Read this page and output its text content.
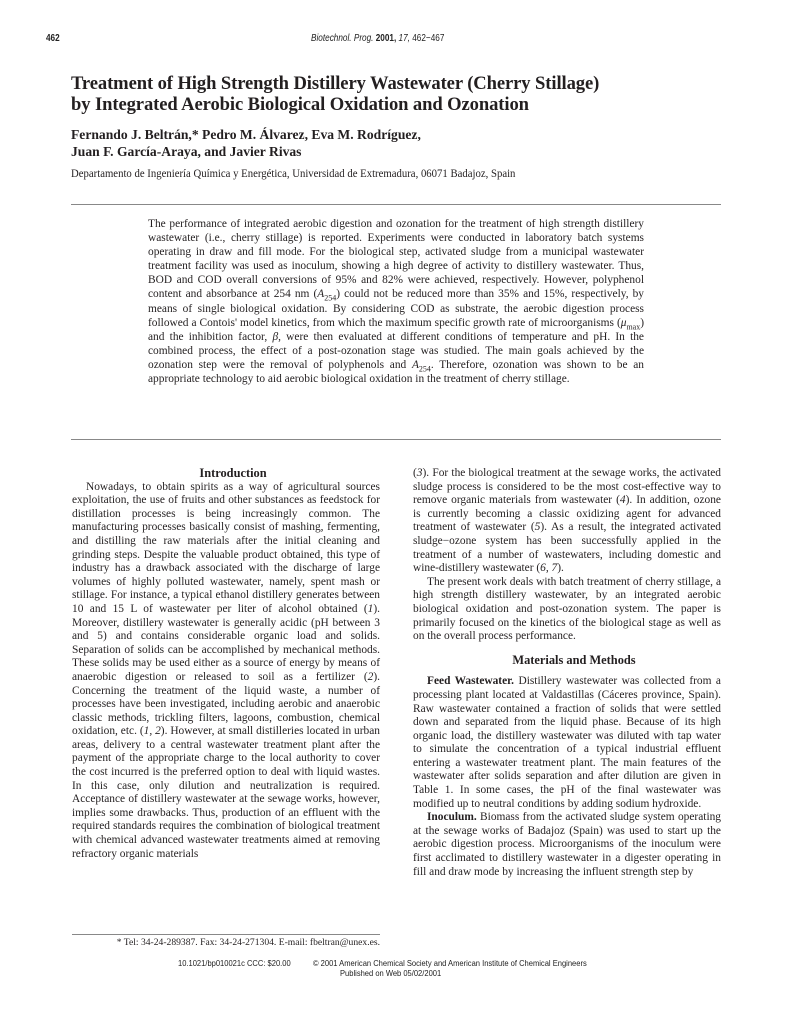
462	Biotechnol. Prog. 2001, 17, 462−467
Treatment of High Strength Distillery Wastewater (Cherry Stillage)
by Integrated Aerobic Biological Oxidation and Ozonation
Fernando J. Beltrán,* Pedro M. Álvarez, Eva M. Rodríguez,
Juan F. García-Araya, and Javier Rivas
Departamento de Ingeniería Química y Energética, Universidad de Extremadura, 06071 Badajoz, Spain
The performance of integrated aerobic digestion and ozonation for the treatment of high strength distillery wastewater (i.e., cherry stillage) is reported. Experiments were conducted in laboratory batch systems operating in draw and fill mode. For the biological step, activated sludge from a municipal wastewater treatment facility was used as inoculum, showing a high degree of activity to distillery wastewater. Thus, BOD and COD overall conversions of 95% and 82% were achieved, respectively. However, polyphenol content and absorbance at 254 nm $(A_{254})$ could not be reduced more than 35% and 15%, respectively, by means of single biological oxidation. By considering COD as substrate, the aerobic digestion process followed a Contois' model kinetics, from which the maximum specific growth rate of microorganisms $(\mu_{max})$ and the inhibition factor, β, were then evaluated at different conditions of temperature and pH. In the combined process, the effect of a post-ozonation stage was studied. The main goals achieved by the ozonation step were the removal of polyphenols and $A_{254}$. Therefore, ozonation was shown to be an appropriate technology to aid aerobic biological oxidation in the treatment of cherry stillage.

Introduction

Nowadays, to obtain spirits as a way of agricultural sources exploitation, the use of fruits and other substances as feedstock for distillation processes is being increasingly common. The manufacturing processes basically consist of mashing, fermenting, and distilling the raw materials after the initial cleaning and grinding steps. Despite the valuable product obtained, this type of industry has a drawback associated with the discharge of large volumes of highly polluted wastewater, namely, spent mash or stillage. For instance, a typical ethanol distillery generates between 10 and 15 L of wastewater per liter of alcohol obtained (1). Moreover, distillery wastewater is generally acidic (pH between 3 and 5) and contains considerable organic load and solids. Separation of solids can be accomplished by mechanical methods. These solids may be used either as a source of energy by means of anaerobic digestion or released to soil as a fertilizer (2). Concerning the treatment of the liquid waste, a number of processes have been investigated, including aerobic and anaerobic classic methods, trickling filters, lagoons, combustion, chemical oxidation, etc. (1, 2). However, at small distilleries located in urban areas, delivery to a central wastewater treatment plant after the payment of the appropriate charge to the local authority to cover the cost incurred is the preferred option to deal with liquid wastes. In this case, only dilution and neutralization is required. Acceptance of distillery wastewater at the sewage works, however, implies some drawbacks. Thus, production of an effluent with the required standards requires the combination of biological treatment with chemical advanced wastewater treatments aimed at removing refractory organic materials

* Tel: 34-24-289387. Fax: 34-24-271304. E-mail: fbeltran@unex.es.

(3). For the biological treatment at the sewage works, the activated sludge process is considered to be the most cost-effective way to remove organic materials from wastewater (4). In addition, ozone is currently becoming a classic oxidizing agent for advanced treatment of wastewater (5). As a result, the integrated activated sludge−ozone system has been successfully applied in the treatment of a number of wastewaters, including domestic and wine-distillery wastewater (6, 7).

The present work deals with batch treatment of cherry stillage, a high strength distillery wastewater, by an integrated aerobic biological oxidation and post-ozonation system. The paper is primarily focused on the kinetics of the biological stage as well as on the overall process performance.

Materials and Methods

Feed Wastewater. Distillery wastewater was collected from a processing plant located at Valdastillas (Cáceres province, Spain). Raw wastewater contained a fraction of solids that were settled down and separated from the liquid phase. Because of its high organic load, the distillery wastewater was diluted with tap water to simulate the concentration of a typical industrial effluent entering a wastewater treatment plant. The main features of the wastewater after solids separation and after dilution are given in Table 1. In some cases, the pH of the final wastewater was modified up to neutral conditions by adding sodium hydroxide.

Inoculum. Biomass from the activated sludge system operating at the sewage works of Badajoz (Spain) was used to start up the aerobic digestion process. Microorganisms of the inoculum were first acclimated to distillery wastewater in a digester operating in fill and draw mode by increasing the influent strength step by

10.1021/bp010021c CCC: $20.00	© 2001 American Chemical Society and American Institute of Chemical Engineers
Published on Web 05/02/2001
